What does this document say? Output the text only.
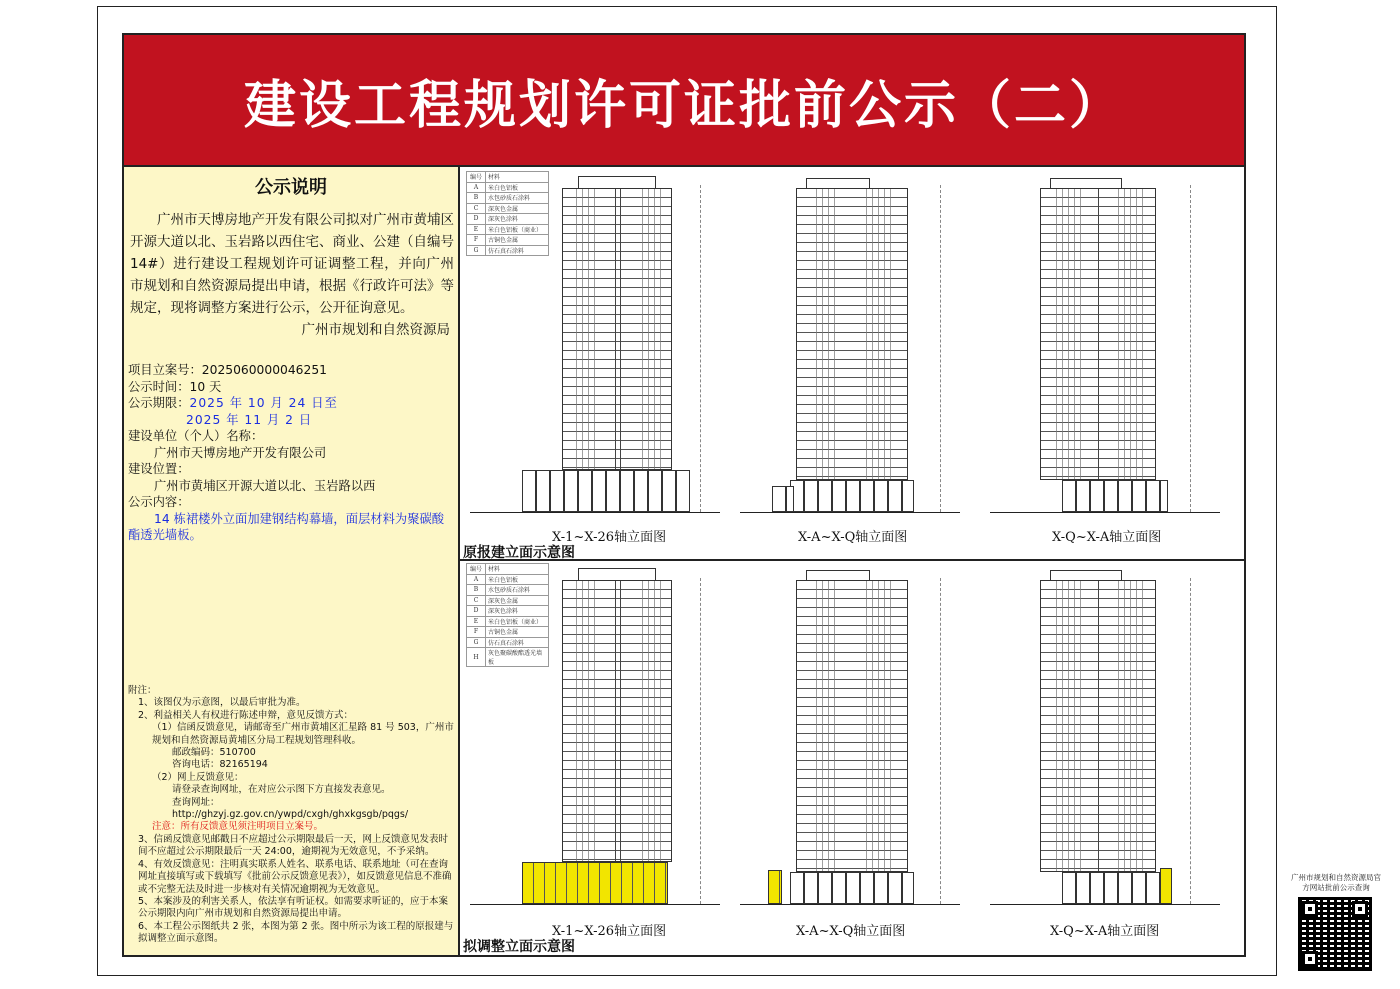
建设工程规划许可证批前公示（二）
公示说明
广州市天博房地产开发有限公司拟对广州市黄埔区开源大道以北、玉岩路以西住宅、商业、公建（自编号 14#）进行建设工程规划许可证调整工程，并向广州市规划和自然资源局提出申请，根据《行政许可法》等规定，现将调整方案进行公示，公开征询意见。
广州市规划和自然资源局
项目立案号：2025060000046251
公示时间：10 天
公示期限：2025 年 10 月 24 日至
2025 年 11 月 2 日
建设单位（个人）名称：
广州市天博房地产开发有限公司
建设位置：
广州市黄埔区开源大道以北、玉岩路以西
公示内容：
14 栋裙楼外立面加建钢结构幕墙，面层材料为聚碳酸酯透光墙板。
附注：
1、该图仅为示意图，以最后审批为准。
2、利益相关人有权进行陈述申辩，意见反馈方式：
（1）信函反馈意见，请邮寄至广州市黄埔区汇星路 81 号 503，广州市规划和自然资源局黄埔区分局工程规划管理科收。
邮政编码：510700
咨询电话：82165194
（2）网上反馈意见：
请登录查询网址，在对应公示图下方直接发表意见。
查询网址：
http://ghzyj.gz.gov.cn/ywpd/cxgh/ghxkgsgb/pqgs/
注意：所有反馈意见须注明项目立案号。
3、信函反馈意见邮戳日不应超过公示期限最后一天，网上反馈意见发表时间不应超过公示期限最后一天 24:00，逾期视为无效意见，不予采纳。
4、有效反馈意见：注明真实联系人姓名、联系电话、联系地址（可在查询网址直接填写或下载填写《批前公示反馈意见表》），如反馈意见信息不准确或不完整无法及时进一步核对有关情况逾期视为无效意见。
5、本案涉及的利害关系人，依法享有听证权。如需要求听证的，应于本案公示期限内向广州市规划和自然资源局提出申请。
6、本工程公示图纸共 2 张，本图为第 2 张。图中所示为该工程的原报建与拟调整立面示意图。
编号	材料
A	米白色铝板
B	水包砂质石涂料
C	深灰色金属
D	深灰色涂料
E	米白色铝板（商业）
F	古铜色金属
G	仿石真石涂料
编号	材料
A	米白色铝板
B	水包砂质石涂料
C	深灰色金属
D	深灰色涂料
E	米白色铝板（商业）
F	古铜色金属
G	仿石真石涂料
H	灰色聚碳酸酯透光墙板
X-1~X-26轴立面图	X-A~X-Q轴立面图	X-Q~X-A轴立面图
原报建立面示意图
X-1~X-26轴立面图	X-A~X-Q轴立面图	X-Q~X-A轴立面图
拟调整立面示意图
广州市规划和自然资源局官方网站批前公示查询
